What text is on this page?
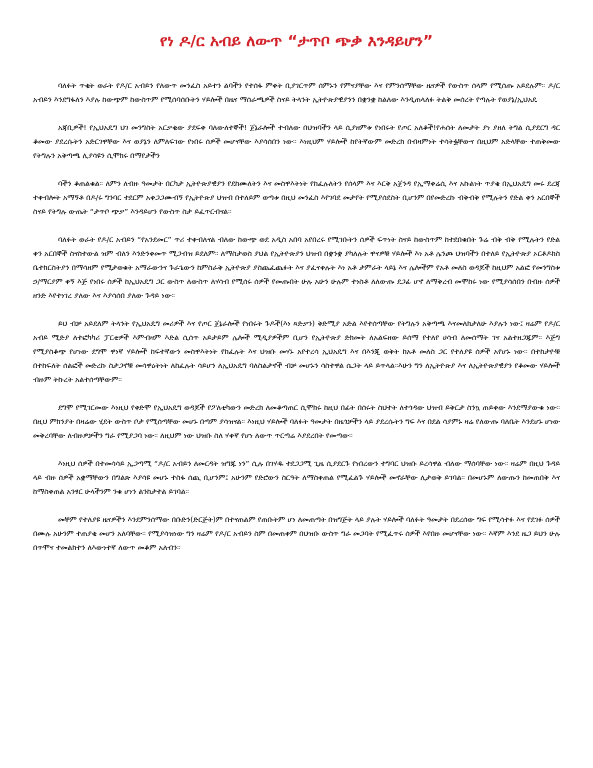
የነ ዶ/ር አብይ ለውጥ “ታጥቦ ጭቃ እንዳይሆን”

ባለፉት ጥቂት ወራት የዶ/ር አብይን የለውጥ መንፈስ አይተን ልባችን የተሰፋ ምቀት ቢያገርጥም ሰምኑን የምናያቸው እና የምንሰማቸው ዜናዎች የውስጥ ሰላም የሚሰጡ አይደሉም። ዶ/ር አብይን እንደግፋለን እያሉ ከውጭም ከውስጥም የሚሰባሰቡትን ሃይሎች በዜና ማሰራጫዎች ስናይ ትላንት ኢትዮጵያዊያንን በቋንቋ ከልለው እንዲጠላለፉ ትልቅ መሰረት የጣሉት የወያኔ/ኢህአዴ

አጃቢዎች! የኢህአዴግ ህገ መንግስት አርቃቂው ያደፍቀ ባለውለተኞች! ጀኔራሎች ተብለው በህዝባችን ላይ ሲያዘምቱ የነበሩት የጦር አለቆች!የሐሰት ለመታት ያነ ያዘለ ትግል ሲያደርግ ዳር ቆመው ያደረሱትን አድርገዋቸው እና ወያኔን ለምለፍገው የነበሩ ሰዎች መሆናቸው እያሳሰበን ነው። እነዚህም ሃይሎች ከየትኛውም መድረክ በብዛምነት ተሳትፏቸውና በዚህም አድላቸው ተጠቅመው የትግሉን አቅጣጫ ሊያሳዩን ሲሞክሩ በማየታችን

ባችን ቆጠልቁል። ለምን ለብዙ ዓመታት በርካታ ኢትዮጵያዊያን የደከሙለትን እና መስዋእትነት የከፈሉለትን የሰላም እና እርቅ አጀንዳ የኢማቀሬሲ እና አኩልነት ጥያቄ በኢህአዴግ መሩ ደረጃ ተቀብሎት አማኝቶ በዶ/ሩ ግንባር ተደርም አቀጋጋሙብኝ የኢትዮጵያ ህዝብ በተለይም ወጣቱ በዚህ መንፈስ እየገባደ መታየት የሚያሰደስት ቢሆንም በየመድረኩ ብቅብቅ የሚሉትን የድል ቀን አርበኞች ስናይ የትግሉ ውጤት “ታጥቦ ጭቃ” እንዳይሆን የውስጥ ስታ ይፈጥርብናል።

ባለፉት ወራት የዶ/ር አብይን “የአንደመር” ጥሪ ተቀብለናል ብለው ከውጭ ወደ አዲስ አበባ አየበረሩ የሚገቡትን ሰዎች ፍጥነት ስናይ ከውስጥም ከተደበቁበት ጉሬ ብቅ ብቅ የሚሉትን የድል ቀን አርበኞች ስናስተውል ዝም ብለን እንድንቀመጥ ሚጋብዝ ይደለም። ለማስታወስ ያህል የኢትዮጵያን ህዝብ በቋንቋ ያካለሉት ዋናዎቹ ሃይሎች እነ አቶ ሌንጮ ህዝባችን በተለይ የኢትዮጵያ ኦርቶዶክስ ቤተክርስትያን በማሳዘም የሚታወቁት አማራውንና ጉራጌውን ከምስራቅ ኢትዮጵያ ያስጨፈጨፉት እና ያፈናቀሉት እነ አቶ ታምራት ላይኔ እና ሌሎችም የአቶ መለስ ወዳጆች ከዚህም አልፎ የመንግስቱ ኃ/ማርያም ቀኝ እጅ የነበሩ ሰዎች ከኢህአዴግ ጋር ውስጥ ለውስጥ ለሃሳብ የሚሰሩ ሰዎች የመጡበት ሁሉ አሁን ሁሉም ተነስቶ ለለውጡ ደጋፊ ሆኖ ለማቅረብ መሞከሩ ነው የሚያሳሰበን በብዙ ሰዎች ዘንድ እየተነገረ ያለው እና እያሳሰበ ያለው ጉዳይ ነው።

ይህ ብቻ አይደለም ትላንት የኢህአዴግ መሪዎች እና የጦር ጀኔራሎች የነበሩት ጉዶች(እነ ጻድቃን) ቅድሚያ አድል እየተሰጣቸው የትግሉን አቅጣጫ እናመለክታለሁ እያሉን ነው፤ ዛሬም የዶ/ር አብይ ሚድያ ለተፎካካሪ ፓርቲዎች እምብዛም እድል ሲሰጥ አይታይም ሌሎች ሚዲያዎችም ቢሆን የኢትዮጵያ ድክመት ለአልፍዘው ይሰማ የተለየ ሀሳብ ለመሰማት ገና አልተዘጋጁም። እጅግ የሚያስቆጭ የሆነው ደግሞ ዋነኛ ሃይሎች ከፍተኛውን መስዋእትነት የከፈሉት እና ህዝቡ መሃኑ አየተረሳ ኢህአዴግ እና በእንጂ ወቅት ከአቶ መለስ ጋር የተለያዩ ሰዎች አየሆኑ ነው። በተከታዮቹ በተከፍለት ሰልፎች መድረኩ ስታጋኖቹ መሳዋዕትነት ለከፈሉት ሳይሆን ለኢህአዴግ ባለስልታኖች ብቻ መሆኑን ሳስተዋል ሴጋት ላይ ይጥላል።እሁን ግን ለኢትዮጵያ እና ለኢትዮጵያዊያን የቆመው ሃይሎች ብዙም ትኩረት አልተሰጣቸውም።

ደግሞ የሚገርመው እነዚህ የቀድሞ የኢህአዴግ ወዳጆች የፖለቲካውን መድረክ ለመቆጣጠር ሲሞክሩ ከዚህ በፊት በሰሩት ስህተት ለተጎዳው ህዝብ ይቅርታ ስንኳ ጠይቀው እንደማያውቁ ነው። በዚህ ምክንያት በዛሬው ሂደት ውስጥ ቦታ የሚሰጣቸው መሆኑ በጣም ያሳዝናል። እነዚህ ሃይሎች ባለፉት ዓመታት በዜጎቻችን ላይ ያደረሱትን ግፍ እና በደል ሳያምኑ ዛሬ የለውጡ ባለቤት እንደሆኑ ሆነው መቅረባቸው ለብዙዎቻችን ግራ የሚያጋባ ነው። ለዚህም ነው ህዝቡ ስለ ሃቀኛ የሆነ ለውጥ ጥርጣሬ እያደረበት የመጣው።

እነዚህ ሰዎች በተመሳሳይ ኢጋጣሚ “ዶ/ር አብይን ለመርዳት ዝግጁ ነን” ሲሉ በገሃዱ ተደጋጋሚ ጊዜ ሲያደርጉ የነበረውን ተግባር ህዝቡ ይረሳዋል ብለው ማሰባቸው ነው። ዛሬም በዚህ ጉዳይ ላይ ብዙ ሰዎች አቋማቸውን በግልጽ እያሳዩ መሆኑ ተስፋ ሰጪ ቢሆንም፤ አሁንም የድሮውን ስርዓት ለማስቀጠል የሚፈልጉ ሃይሎች መኖራቸው ሊታወቅ ይገባል። በመሆኑም ለውጡን ከመጠበቅ እና ከማስቀጠል አንፃር ሁላችንም ንቁ ሆነን ልንከታተል ይገባል።

መቸም የተለያዩ ዜናዎችን እንደምንሰማው በቡድን(ድርጅት)ም በተናጠልም የጠቡትም ሆነ ለመጠጣት በዝግጅት ላይ ያሉት ሃይሎች ባለፉት ዓመታት በደረሰው ግፍ የሚሳተፉ እና የደገፉ ሰዎች በሙሉ አሁንም ተጠያቂ መሆን አለባቸው። የሚያሳዝነው ግን ዛሬም የዶ/ር አብይን ስም በመጠቀም በህዝቡ ውስጥ ግራ መጋባት የሚፈጥሩ ሰዎች እየበዙ መሆናቸው ነው። እኛም እንደ ዜጋ ይህን ሁሉ በጥሞና ተመልክተን ለእውነተኛ ለውጥ መቆም አለብን።
